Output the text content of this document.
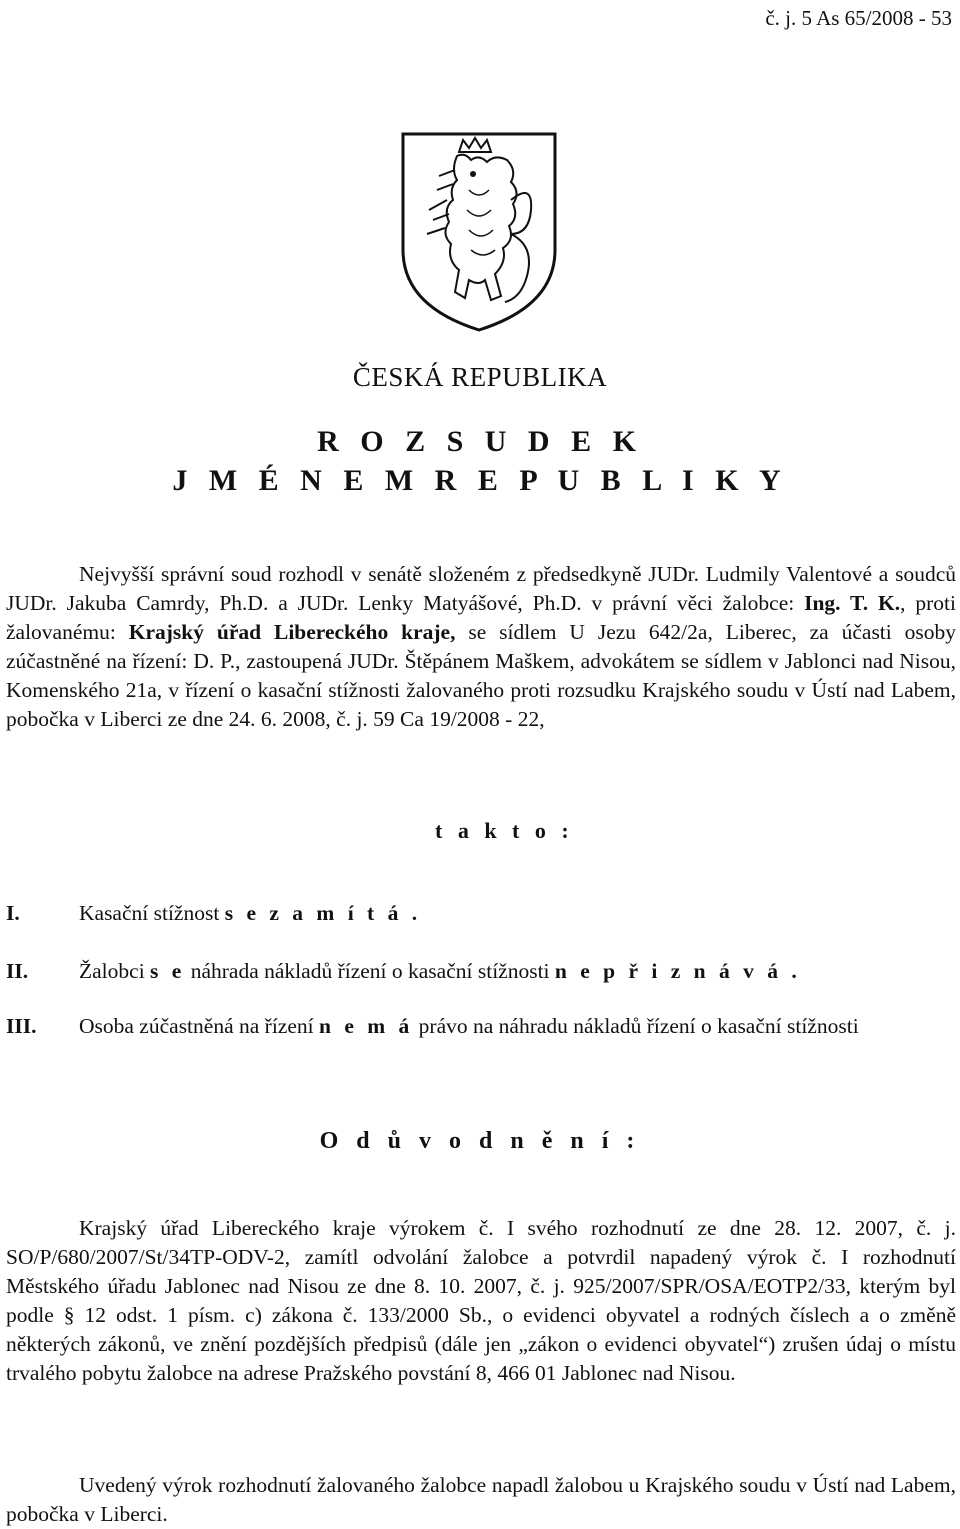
č. j. 5 As 65/2008 - 53
ČESKÁ REPUBLIKA
R O Z S U D E K
J M É N E M R E P U B L I K Y

Nejvyšší správní soud rozhodl v senátě složeném z předsedkyně JUDr. Ludmily Valentové a soudců JUDr. Jakuba Camrdy, Ph.D. a JUDr. Lenky Matyášové, Ph.D. v právní věci žalobce: Ing. T. K., proti žalovanému: Krajský úřad Libereckého kraje, se sídlem U Jezu 642/2a, Liberec, za účasti osoby zúčastněné na řízení: D. P., zastoupená JUDr. Štěpánem Maškem, advokátem se sídlem v Jablonci nad Nisou, Komenského 21a, v řízení o kasační stížnosti žalovaného proti rozsudku Krajského soudu v Ústí nad Labem, pobočka v Liberci ze dne 24. 6. 2008, č. j. 59 Ca 19/2008 - 22,

t a k t o :
I.	Kasační stížnost s e z a m í t á .
II. Žalobci s e náhrada nákladů řízení o kasační stížnosti n e p ř i z n á v á .
III. Osoba zúčastněná na řízení n e m á právo na náhradu nákladů řízení o kasační stížnosti
O d ů v o d n ě n í :

Krajský úřad Libereckého kraje výrokem č. I svého rozhodnutí ze dne 28. 12. 2007, č. j. SO/P/680/2007/St/34TP-ODV-2, zamítl odvolání žalobce a potvrdil napadený výrok č. I rozhodnutí Městského úřadu Jablonec nad Nisou ze dne 8. 10. 2007, č. j. 925/2007/SPR/OSA/EOTP2/33, kterým byl podle § 12 odst. 1 písm. c) zákona č. 133/2000 Sb., o evidenci obyvatel a rodných číslech a o změně některých zákonů, ve znění pozdějších předpisů (dále jen „zákon o evidenci obyvatel“) zrušen údaj o místu trvalého pobytu žalobce na adrese Pražského povstání 8, 466 01 Jablonec nad Nisou.

Uvedený výrok rozhodnutí žalovaného žalobce napadl žalobou u Krajského soudu v Ústí nad Labem, pobočka v Liberci.
